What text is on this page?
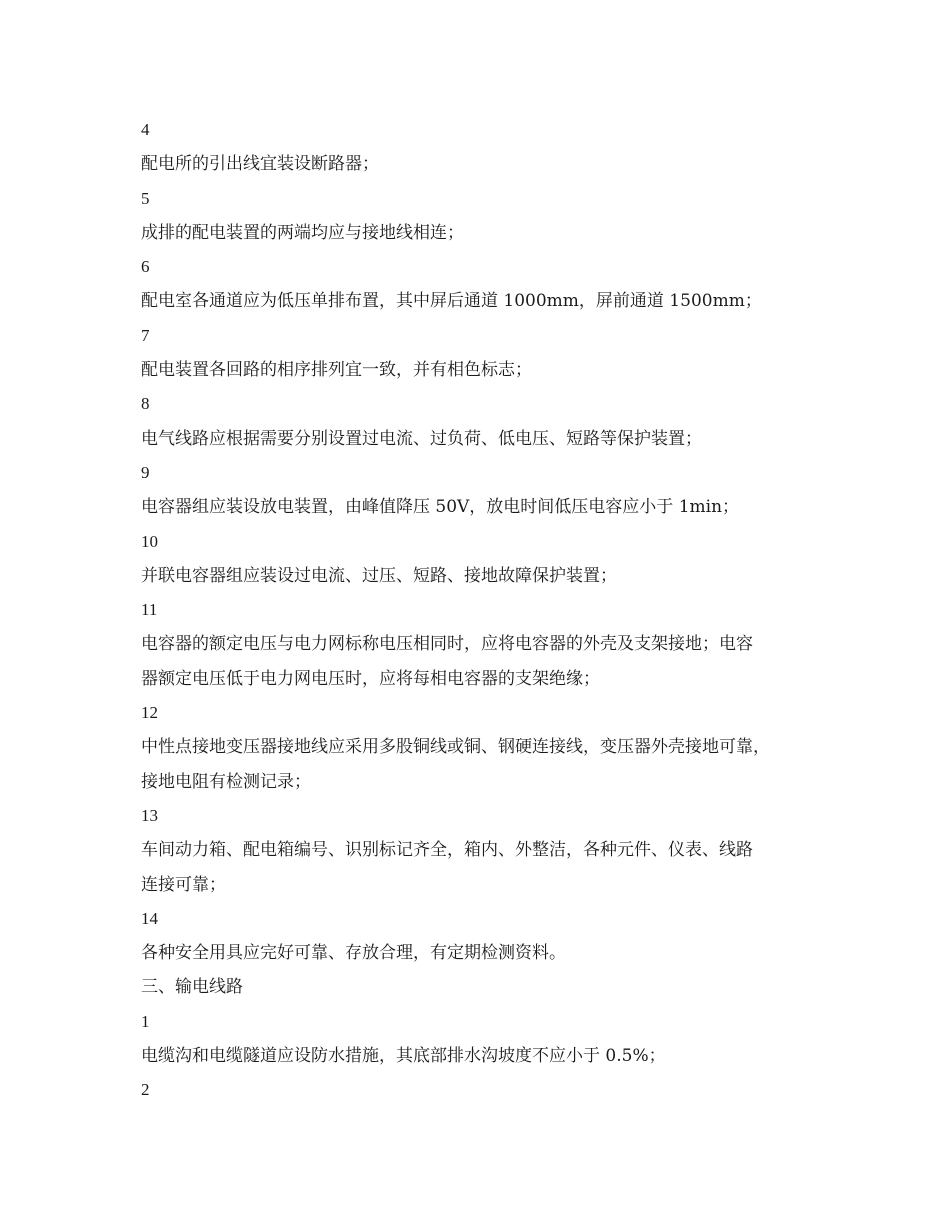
4
配电所的引出线宜装设断路器；
5
成排的配电装置的两端均应与接地线相连；
6
配电室各通道应为低压单排布置，其中屏后通道 1000mm，屏前通道 1500mm；
7
配电装置各回路的相序排列宜一致，并有相色标志；
8
电气线路应根据需要分别设置过电流、过负荷、低电压、短路等保护装置；
9
电容器组应装设放电装置，由峰值降压 50V，放电时间低压电容应小于 1min；
10
并联电容器组应装设过电流、过压、短路、接地故障保护装置；
11
电容器的额定电压与电力网标称电压相同时，应将电容器的外壳及支架接地；电容
器额定电压低于电力网电压时，应将每相电容器的支架绝缘；
12
中性点接地变压器接地线应采用多股铜线或铜、钢硬连接线，变压器外壳接地可靠，
接地电阻有检测记录；
13
车间动力箱、配电箱编号、识别标记齐全，箱内、外整洁，各种元件、仪表、线路
连接可靠；
14
各种安全用具应完好可靠、存放合理，有定期检测资料。
三、输电线路
1
电缆沟和电缆隧道应设防水措施，其底部排水沟坡度不应小于 0.5%；
2
